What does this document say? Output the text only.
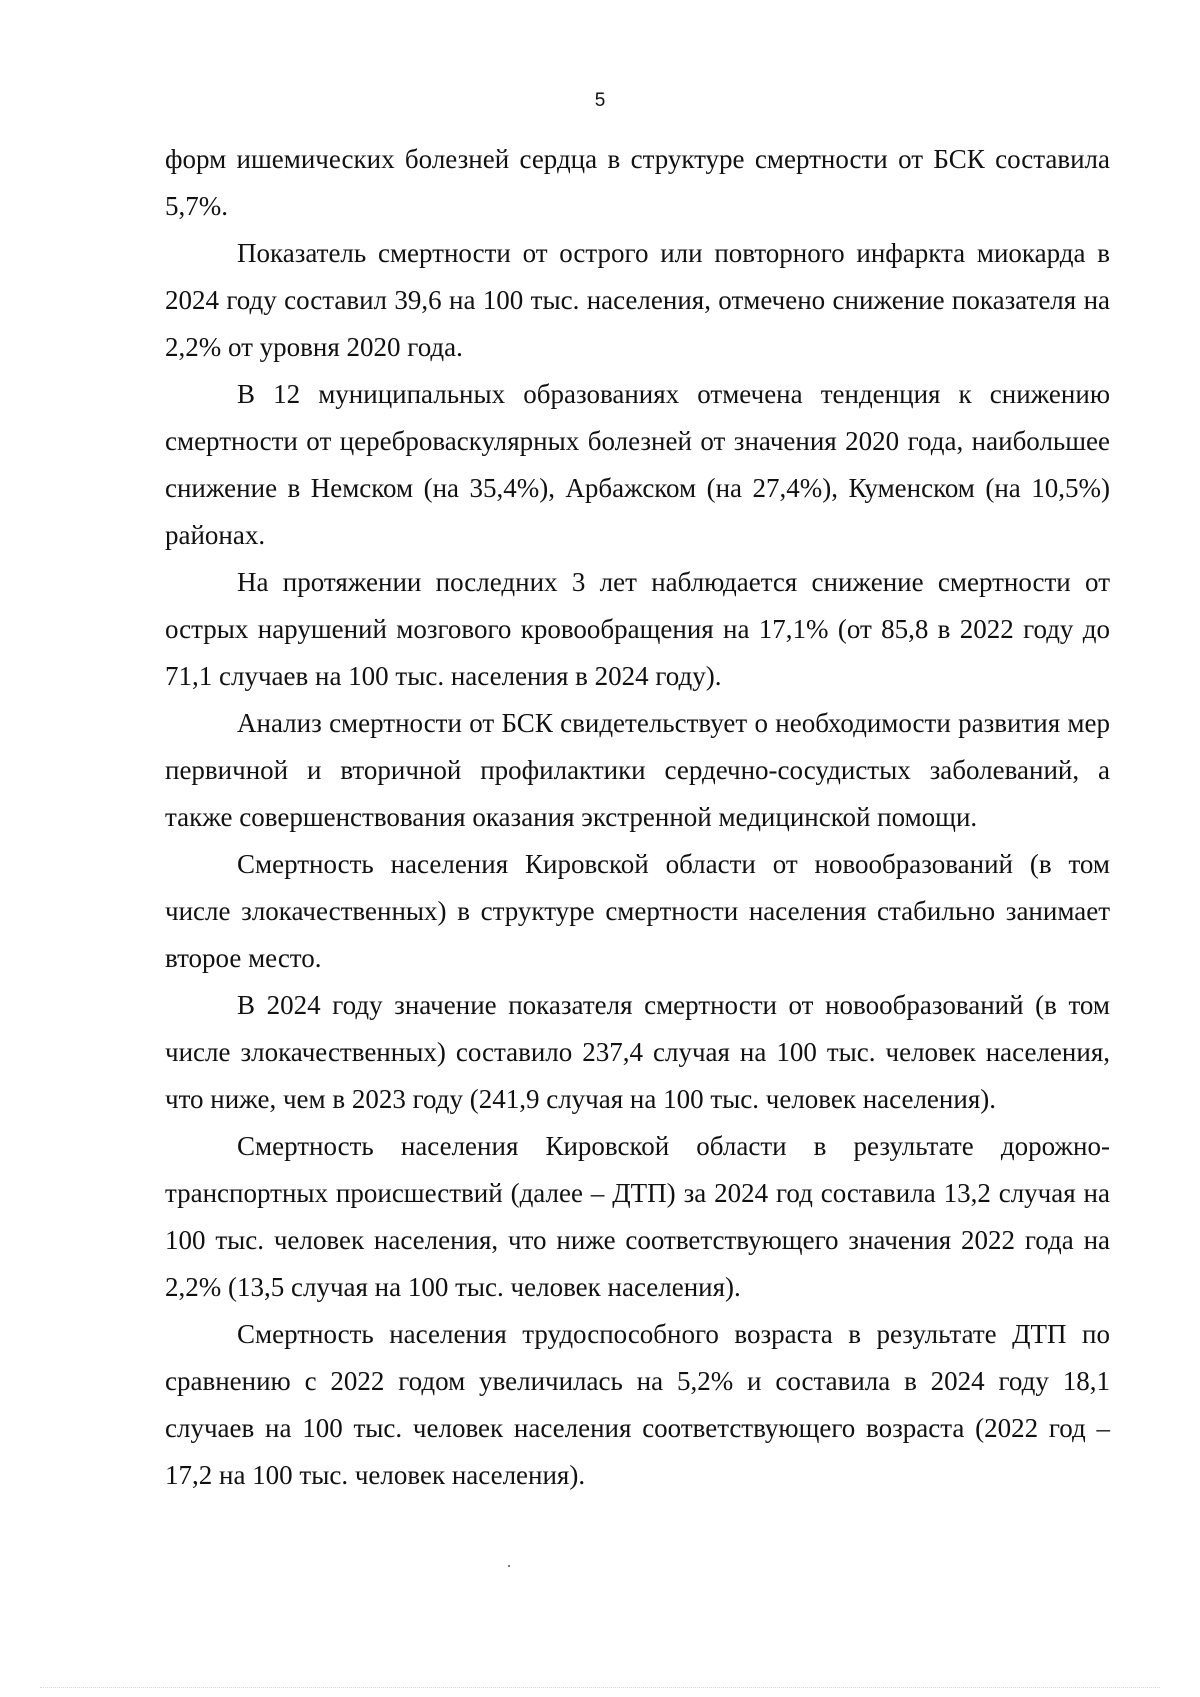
5

форм ишемических болезней сердца в структуре смертности от БСК составила 5,7%.

Показатель смертности от острого или повторного инфаркта миокарда в 2024 году составил 39,6 на 100 тыс. населения, отмечено снижение показателя на 2,2% от уровня 2020 года.

В 12 муниципальных образованиях отмечена тенденция к снижению смертности от цереброваскулярных болезней от значения 2020 года, наибольшее снижение в Немском (на 35,4%), Арбажском (на 27,4%), Куменском (на 10,5%) районах.

На протяжении последних 3 лет наблюдается снижение смертности от острых нарушений мозгового кровообращения на 17,1% (от 85,8 в 2022 году до 71,1 случаев на 100 тыс. населения в 2024 году).

Анализ смертности от БСК свидетельствует о необходимости развития мер первичной и вторичной профилактики сердечно-сосудистых заболеваний, а также совершенствования оказания экстренной медицинской помощи.

Смертность населения Кировской области от новообразований (в том числе злокачественных) в структуре смертности населения стабильно занимает второе место.

В 2024 году значение показателя смертности от новообразований (в том числе злокачественных) составило 237,4 случая на 100 тыс. человек населения, что ниже, чем в 2023 году (241,9 случая на 100 тыс. человек населения).

Смертность населения Кировской области в результате дорожно-транспортных происшествий (далее – ДТП) за 2024 год составила 13,2 случая на 100 тыс. человек населения, что ниже соответствующего значения 2022 года на 2,2% (13,5 случая на 100 тыс. человек населения).

Смертность населения трудоспособного возраста в результате ДТП по сравнению с 2022 годом увеличилась на 5,2% и составила в 2024 году 18,1 случаев на 100 тыс. человек населения соответствующего возраста (2022 год – 17,2 на 100 тыс. человек населения).
